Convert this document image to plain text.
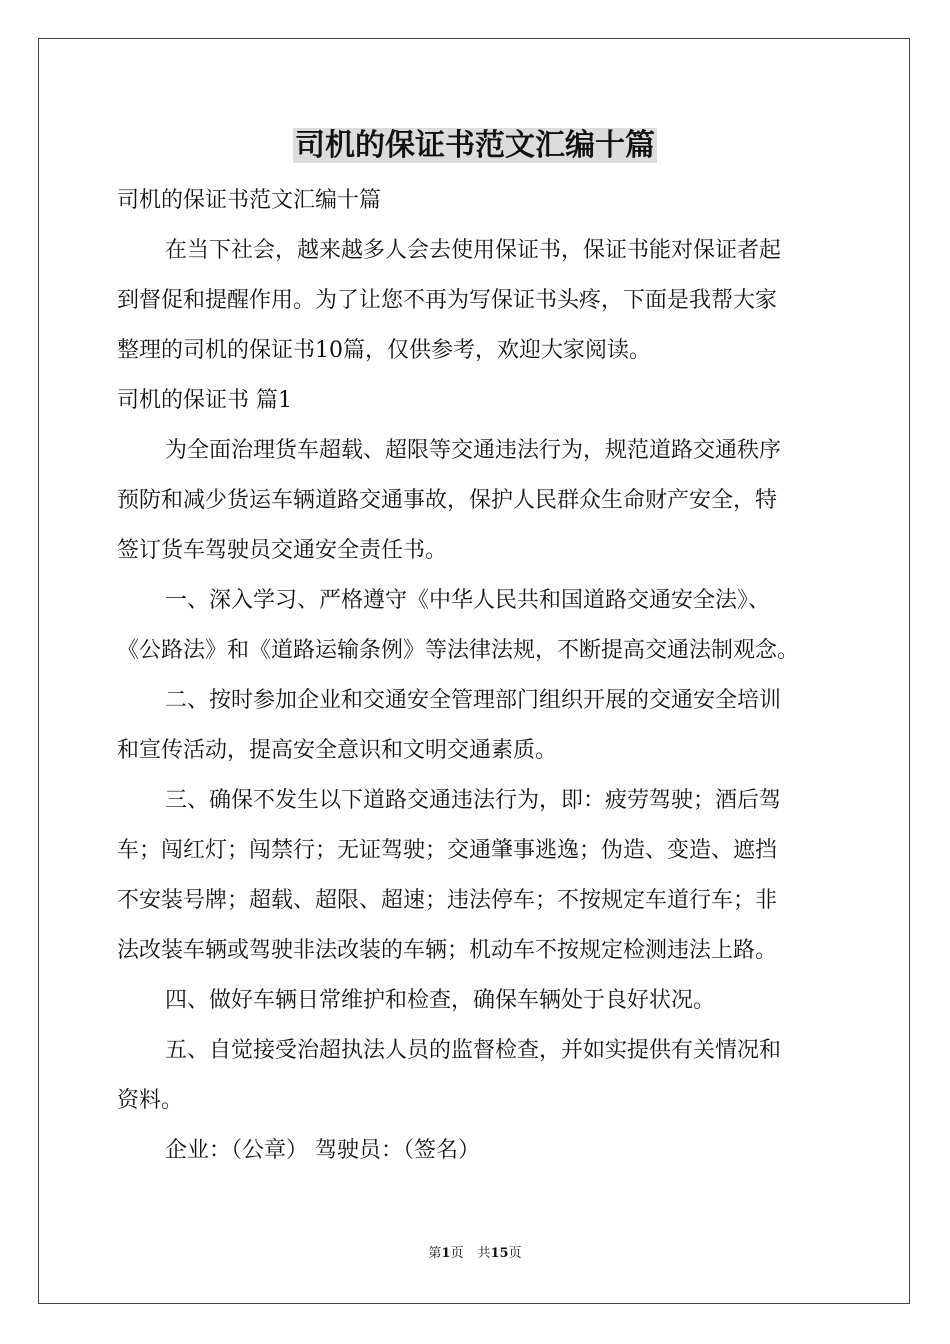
司机的保证书范文汇编十篇

司机的保证书范文汇编十篇

在当下社会，越来越多人会去使用保证书，保证书能对保证者起

到督促和提醒作用。为了让您不再为写保证书头疼，下面是我帮大家

整理的司机的保证书10篇，仅供参考，欢迎大家阅读。

司机的保证书 篇1

为全面治理货车超载、超限等交通违法行为，规范道路交通秩序

预防和减少货运车辆道路交通事故，保护人民群众生命财产安全，特

签订货车驾驶员交通安全责任书。

一、深入学习、严格遵守《中华人民共和国道路交通安全法》、

《公路法》和《道路运输条例》等法律法规，不断提高交通法制观念。

二、按时参加企业和交通安全管理部门组织开展的交通安全培训

和宣传活动，提高安全意识和文明交通素质。

三、确保不发生以下道路交通违法行为，即：疲劳驾驶；酒后驾

车；闯红灯；闯禁行；无证驾驶；交通肇事逃逸；伪造、变造、遮挡

不安装号牌；超载、超限、超速；违法停车；不按规定车道行车；非

法改装车辆或驾驶非法改装的车辆；机动车不按规定检测违法上路。

四、做好车辆日常维护和检查，确保车辆处于良好状况。

五、自觉接受治超执法人员的监督检查，并如实提供有关情况和

资料。

企业：（公章） 驾驶员：（签名）

第1页 共15页
